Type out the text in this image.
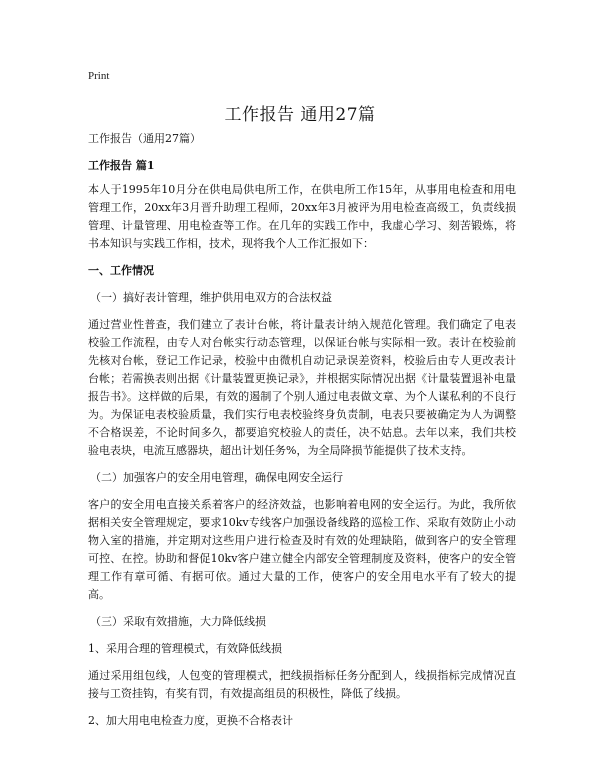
Print
工作报告 通用27篇

工作报告（通用27篇）

工作报告 篇1

本人于1995年10月分在供电局供电所工作，在供电所工作15年，从事用电检查和用电管理工作，20xx年3月晋升助理工程师，20xx年3月被评为用电检查高级工，负责线损管理、计量管理、用电检查等工作。在几年的实践工作中，我虚心学习、刻苦锻炼，将书本知识与实践工作相，技术，现将我个人工作汇报如下：

一、工作情况

（一）搞好表计管理，维护供用电双方的合法权益

通过营业性普查，我们建立了表计台帐，将计量表计纳入规范化管理。我们确定了电表校验工作流程，由专人对台帐实行动态管理，以保证台帐与实际相一致。表计在校验前先核对台帐，登记工作记录，校验中由微机自动记录误差资料，校验后由专人更改表计台帐；若需换表则出据《计量装置更换记录》，并根据实际情况出据《计量装置退补电量报告书》。这样做的后果，有效的遏制了个别人通过电表做文章、为个人谋私利的不良行为。为保证电表校验质量，我们实行电表校验终身负责制，电表只要被确定为人为调整不合格误差，不论时间多久，都要追究校验人的责任，决不姑息。去年以来，我们共校验电表块，电流互感器块，超出计划任务%，为全局降损节能提供了技术支持。

（二）加强客户的安全用电管理，确保电网安全运行

客户的安全用电直接关系着客户的经济效益，也影响着电网的安全运行。为此，我所依据相关安全管理规定，要求10kv专线客户加强设备线路的巡检工作、采取有效防止小动物入室的措施，并定期对这些用户进行检查及时有效的处理缺陷，做到客户的安全管理可控、在控。协助和督促10kv客户建立健全内部安全管理制度及资料，使客户的安全管理工作有章可循、有据可依。通过大量的工作，使客户的安全用电水平有了较大的提高。

（三）采取有效措施，大力降低线损

1、采用合理的管理模式，有效降低线损

通过采用组包线，人包变的管理模式，把线损指标任务分配到人，线损指标完成情况直接与工资挂钩，有奖有罚，有效提高组员的积极性，降低了线损。

2、加大用电电检查力度，更换不合格表计
